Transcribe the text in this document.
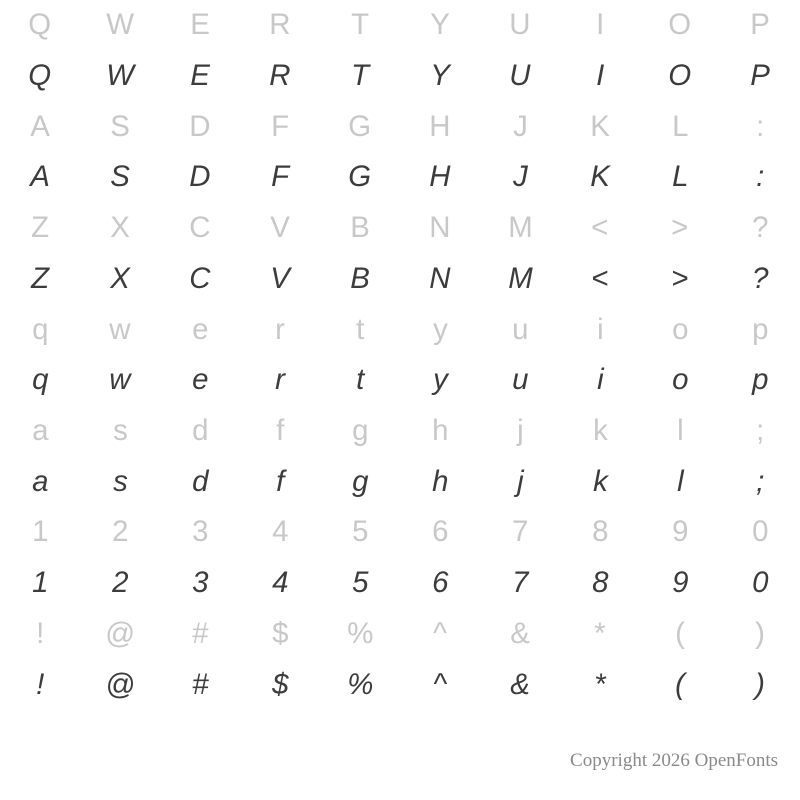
Q W E R T Y U I O P
Q W E R T Y U I O P
A S D F G H J K L :
A S D F G H J K L :
Z X C V B N M < > ?
Z X C V B N M < > ?
q w e r t y u i o p
q w e r t y u i o p
a s d f g h j k l ;
a s d f g h j k l ;
1 2 3 4 5 6 7 8 9 0
1 2 3 4 5 6 7 8 9 0
! @ # $ % ^ & * ( )
! @ # $ % ^ & * ( )
Copyright 2026 OpenFonts
